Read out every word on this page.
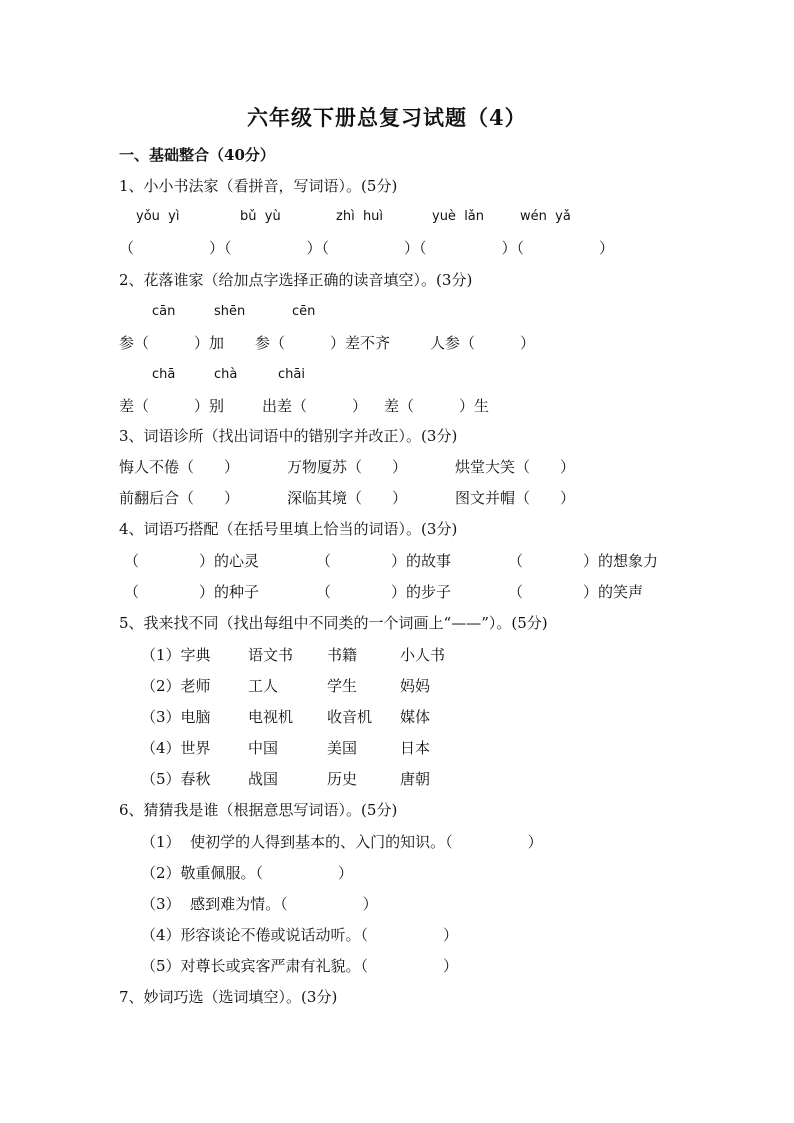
六年级下册总复习试题（4）
一、基础整合（40分）
1、小小书法家（看拼音，写词语）。(5分)
yǒu  yì	bǔ  yù	zhì  huì	yuè  lǎn	wén  yǎ
（　　　　　）（　　　　　）（　　　　　）（　　　　　）（　　　　　）
2、花落谁家（给加点字选择正确的读音填空）。(3分)
cān	shēn	cēn
参（　　　）加 参（　　　）差不齐	人参（　　　）
chā	chà	chāi
差（　　　）别	出差（　　　） 差（　　　）生
3、词语诊所（找出词语中的错别字并改正）。(3分)
悔人不倦（　　）	万物厦苏（　　）	烘堂大笑（　　）
前翻后合（　　）	深临其境（　　）	图文并帽（　　）
4、词语巧搭配（在括号里填上恰当的词语）。(3分)
（　　　　）的心灵	（　　　　）的故事	（　　　　）的想象力
（　　　　）的种子	（　　　　）的步子	（　　　　）的笑声
5、我来找不同（找出每组中不同类的一个词画上“——”）。(5分)
（1）字典 语文书 书籍	小人书
（2）老师 工人	学生	妈妈
（3）电脑 电视机 收音机 媒体
（4）世界 中国	美国	日本
（5）春秋 战国	历史	唐朝
6、猜猜我是谁（根据意思写词语）。(5分)
（1）  使初学的人得到基本的、入门的知识。（　　　　　）
（2）敬重佩服。（　　　　　）
（3）  感到难为情。（　　　　　）
（4）形容谈论不倦或说话动听。（　　　　　）
（5）对尊长或宾客严肃有礼貌。（　　　　　）
7、妙词巧选（选词填空）。(3分)
